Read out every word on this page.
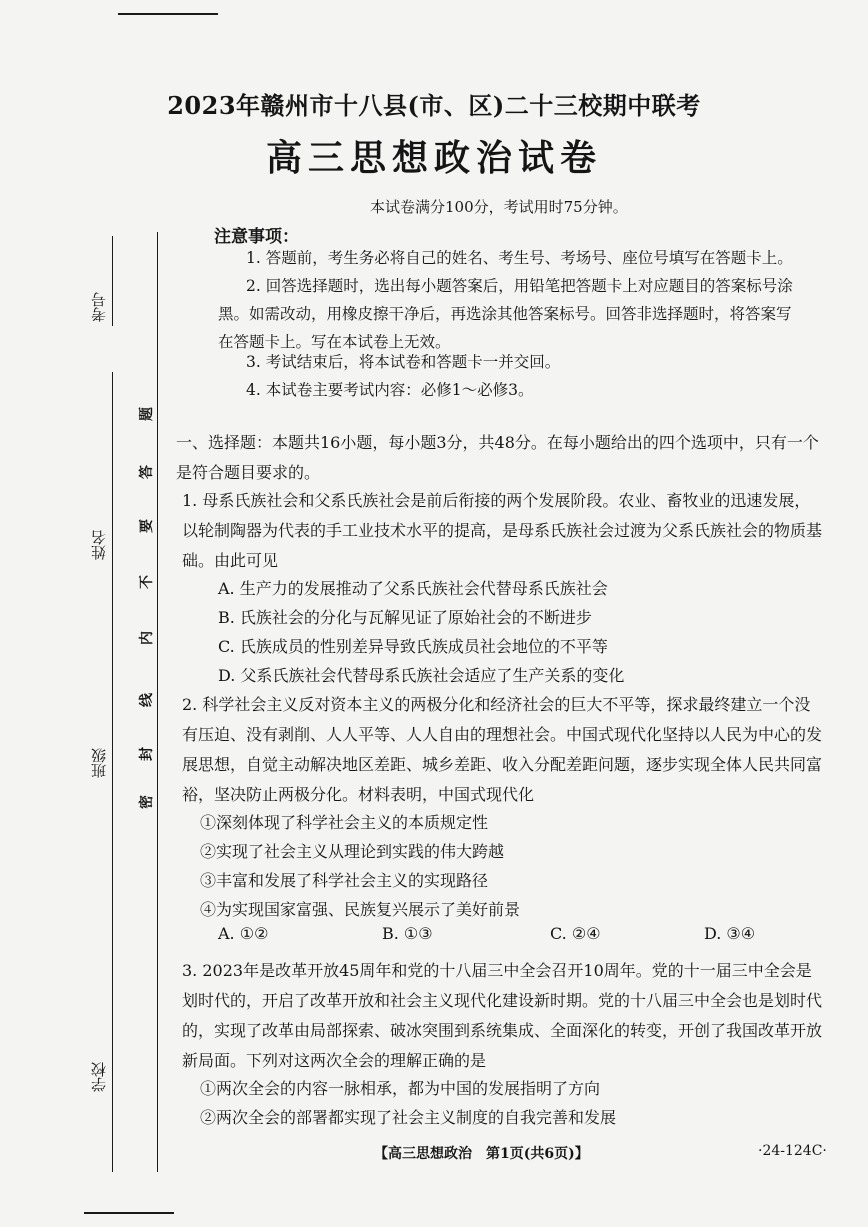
考号
姓名
班级
学校
密
封
线
内
不
要
答
题
2023年赣州市十八县(市、区)二十三校期中联考
高三思想政治试卷
本试卷满分100分，考试用时75分钟。
注意事项：
1. 答题前，考生务必将自己的姓名、考生号、考场号、座位号填写在答题卡上。
2. 回答选择题时，选出每小题答案后，用铅笔把答题卡上对应题目的答案标号涂黑。如需改动，用橡皮擦干净后，再选涂其他答案标号。回答非选择题时，将答案写在答题卡上。写在本试卷上无效。
3. 考试结束后，将本试卷和答题卡一并交回。
4. 本试卷主要考试内容：必修1～必修3。
一、选择题：本题共16小题，每小题3分，共48分。在每小题给出的四个选项中，只有一个是符合题目要求的。
1. 母系氏族社会和父系氏族社会是前后衔接的两个发展阶段。农业、畜牧业的迅速发展，以轮制陶器为代表的手工业技术水平的提高，是母系氏族社会过渡为父系氏族社会的物质基础。由此可见
A. 生产力的发展推动了父系氏族社会代替母系氏族社会
B. 氏族社会的分化与瓦解见证了原始社会的不断进步
C. 氏族成员的性别差异导致氏族成员社会地位的不平等
D. 父系氏族社会代替母系氏族社会适应了生产关系的变化
2. 科学社会主义反对资本主义的两极分化和经济社会的巨大不平等，探求最终建立一个没有压迫、没有剥削、人人平等、人人自由的理想社会。中国式现代化坚持以人民为中心的发展思想，自觉主动解决地区差距、城乡差距、收入分配差距问题，逐步实现全体人民共同富裕，坚决防止两极分化。材料表明，中国式现代化
①深刻体现了科学社会主义的本质规定性
②实现了社会主义从理论到实践的伟大跨越
③丰富和发展了科学社会主义的实现路径
④为实现国家富强、民族复兴展示了美好前景
A. ①②	B. ①③	C. ②④	D. ③④
3. 2023年是改革开放45周年和党的十八届三中全会召开10周年。党的十一届三中全会是划时代的，开启了改革开放和社会主义现代化建设新时期。党的十八届三中全会也是划时代的，实现了改革由局部探索、破冰突围到系统集成、全面深化的转变，开创了我国改革开放新局面。下列对这两次全会的理解正确的是
①两次全会的内容一脉相承，都为中国的发展指明了方向
②两次全会的部署都实现了社会主义制度的自我完善和发展
【高三思想政治　第1页(共6页)】	·24-124C·
